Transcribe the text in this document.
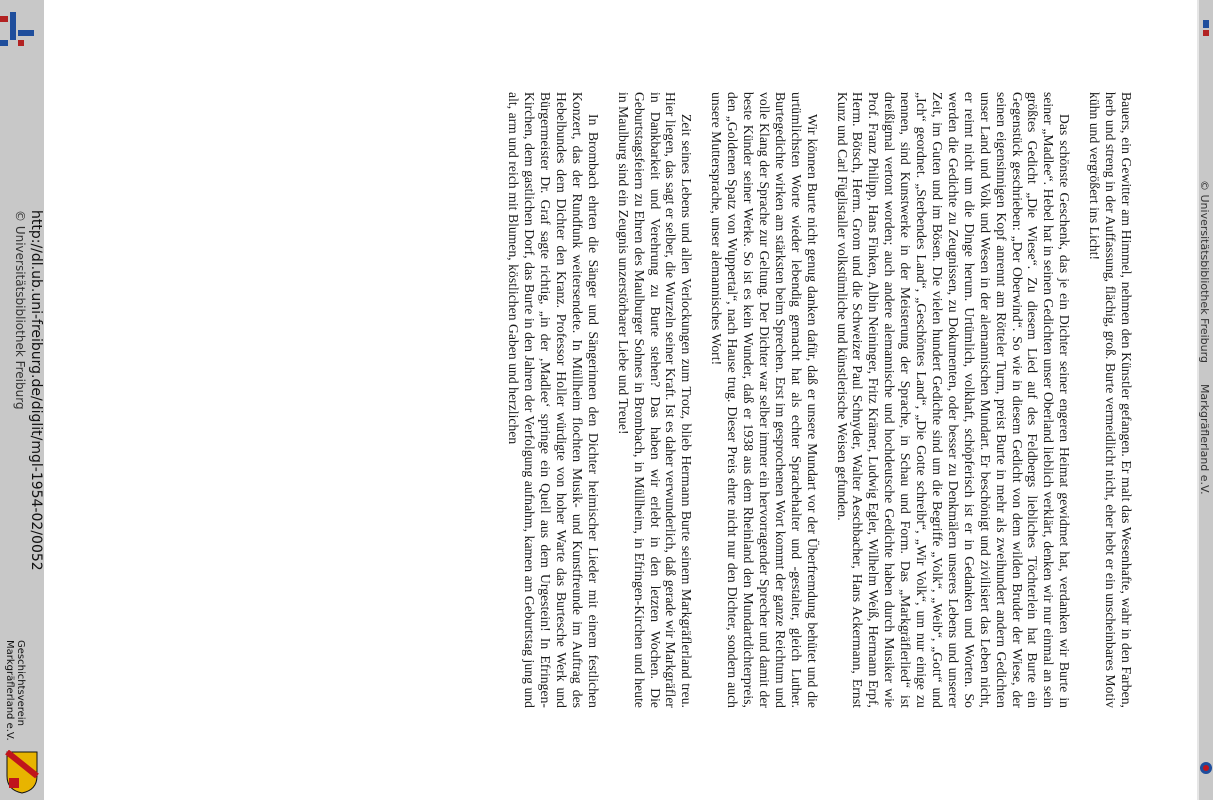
http://dl.ub.uni-freiburg.de/diglit/mgl-1954-02/0052
© Universitätsbibliothek Freiburg
Geschichtsverein
Markgräflerland e.V.	Bauers, ein Gewitter am Himmel, nehmen den Künstler gefangen. Er malt das Wesenhafte, wahr in den Farben, herb und streng in der Auffassung, flächig, groß. Burte vermeidlicht nicht, eher hebt er ein unscheinbares Motiv kühn und vergrößert ins Licht!

Das schönste Geschenk, das je ein Dichter seiner engeren Heimat gewidmet hat, verdanken wir Burte in seiner „Madlee“. Hebel hat in seinen Gedichten unser Oberland lieblich verklärt, denken wir nur einmal an sein größtes Gedicht „Die Wiese“. Zu diesem Lied auf des Feldbergs liebliches Töchterlein hat Burte ein Gegenstück geschrieben: „Der Oberwind“. So wie in diesem Gedicht von dem wilden Bruder der Wiese, der seinen eigensinnigen Kopf anrennt am Rötteler Turm, preist Burte in mehr als zweihundert andern Gedichten unser Land und Volk und Wesen in der alemannischen Mundart. Er beschönigt und zivilisiert das Leben nicht, er reimt nicht um die Dinge herum. Urtümlich, volkhaft, schöpferisch ist er in Gedanken und Worten. So werden die Gedichte zu Zeugnissen, zu Dokumenten, oder besser zu Denkmälern unseres Lebens und unserer Zeit, im Guten und im Bösen. Die vielen hundert Gedichte sind um die Begriffe „Volk“, „Weib“, „Gott“ und „Ich“ geordnet. „Sterbendes Land“, „Geschöntes Land“, „Die Gotte schreibt“, „Wir Volk“, um nur einige zu nennen, sind Kunstwerke in der Meisterung der Sprache, in Schau und Form. Das „Markgräflerlied“ ist dreißigmal vertont worden; auch andere alemannische und hochdeutsche Gedichte haben durch Musiker wie Prof. Franz Philipp, Hans Finken, Albin Neininger, Fritz Krämer, Ludwig Egler, Wilhelm Weiß, Hermann Erpf, Herm. Bötsch, Herm. Grom und die Schweizer Paul Schnyder, Walter Aeschbacher, Hans Ackermann, Ernst Kunz und Carl Füglistaller volkstümliche und künstlerische Weisen gefunden.

Wir können Burte nicht genug danken dafür, daß er unsere Mundart vor der Überfremdung behütet und die urtümlichsten Worte wieder lebendig gemacht hat als echter Sprachehalter und -gestalter, gleich Luther. Burtegedichte wirken am stärksten beim Sprechen. Erst im gesprochenen Wort kommt der ganze Reichtum und volle Klang der Sprache zur Geltung. Der Dichter war selber immer ein hervorragender Sprecher und damit der beste Künder seiner Werke. So ist es kein Wunder, daß er 1938 aus dem Rheinland den Mundartdichterpreis, den „Goldenen Spatz von Wuppertal“, nach Hause trug. Dieser Preis ehrte nicht nur den Dichter, sondern auch unsere Muttersprache, unser alemannisches Wort!

Zeit seines Lebens und allen Verlockungen zum Trotz, blieb Hermann Burte seinem Markgräflerland treu. Hier liegen, das sagt er selber, die Wurzeln seiner Kraft. Ist es daher verwunderlich, daß gerade wir Markgräfler in Dankbarkeit und Verehrung zu Burte stehen? Das haben wir erlebt in den letzten Wochen. Die Geburtstagsfeiern zu Ehren des Maulburger Sohnes in Brombach, in Müllheim, in Efringen-Kirchen und heute in Maulburg sind ein Zeugnis unzerstörbarer Liebe und Treue!

In Brombach ehrten die Sänger und Sängerinnen den Dichter heimischer Lieder mit einem festlichen Konzert, das der Rundfunk weitersendete. In Müllheim flochten Musik- und Kunstfreunde im Auftrag des Hebelbundes dem Dichter den Kranz. Professor Holler würdigte von hoher Warte das Burtesche Werk und Bürgermeister Dr. Graf sagte richtig, „in der ‚Madlee‘ springe ein Quell aus dem Urgestein! In Efringen-Kirchen, dem gastlichen Dorf, das Burte in den Jahren der Verfolgung aufnahm, kamen am Geburtstag jung und alt, arm und reich mit Blumen, köstlichen Gaben und herzlichen	© Universitätsbibliothek Freiburg      Markgräflerland e.V.
